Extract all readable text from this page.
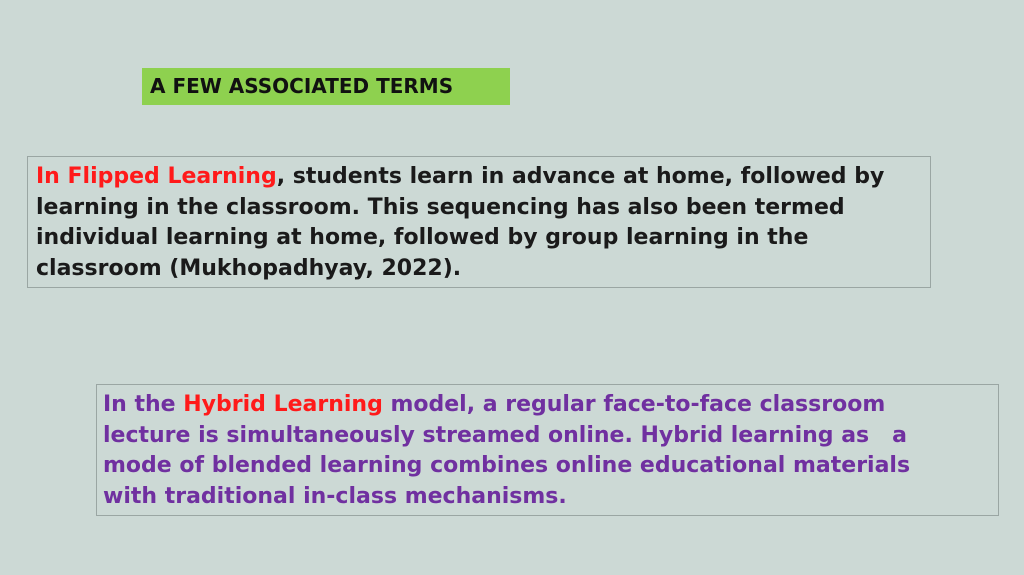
A FEW ASSOCIATED TERMS
In Flipped Learning, students learn in advance at home, followed by
learning in the classroom. This sequencing has also been termed
individual learning at home, followed by group learning in the
classroom (Mukhopadhyay, 2022).
In the Hybrid Learning model, a regular face-to-face classroom
lecture is simultaneously streamed online. Hybrid learning as   a
mode of blended learning combines online educational materials
with traditional in-class mechanisms.
